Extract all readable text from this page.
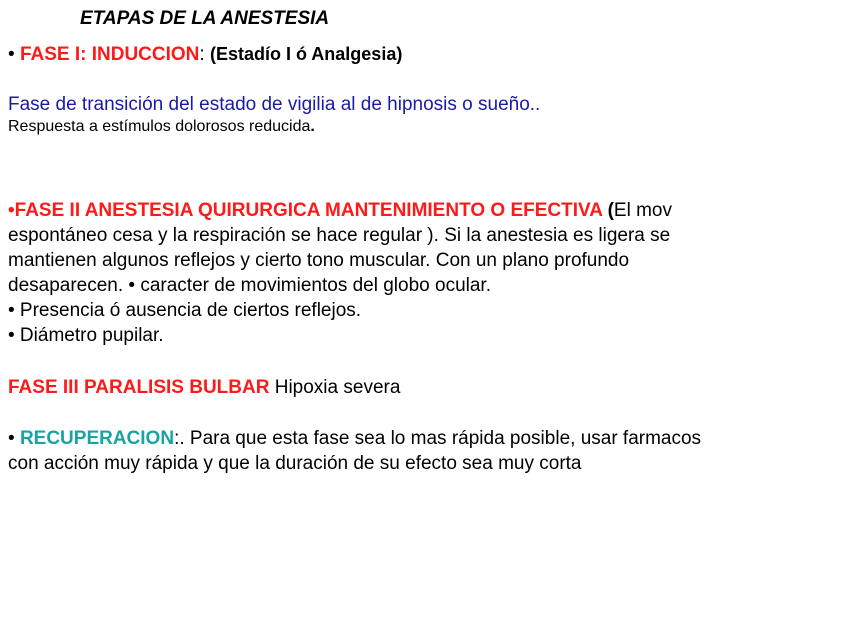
ETAPAS DE LA ANESTESIA
• FASE I: INDUCCION: (Estadío I ó Analgesia)
Fase de transición del estado de vigilia al de hipnosis o sueño..
Respuesta a estímulos dolorosos reducida.
•FASE II ANESTESIA QUIRURGICA MANTENIMIENTO O EFECTIVA (El mov
espontáneo cesa y la respiración se hace regular ). Si la anestesia es ligera se
mantienen algunos reflejos y cierto tono muscular. Con un plano profundo
desaparecen. • caracter de movimientos del globo ocular.
• Presencia ó ausencia de ciertos reflejos.
• Diámetro pupilar.
FASE III PARALISIS BULBAR Hipoxia severa
• RECUPERACION:. Para que esta fase sea lo mas rápida posible, usar farmacos
con acción muy rápida y que la duración de su efecto sea muy corta
